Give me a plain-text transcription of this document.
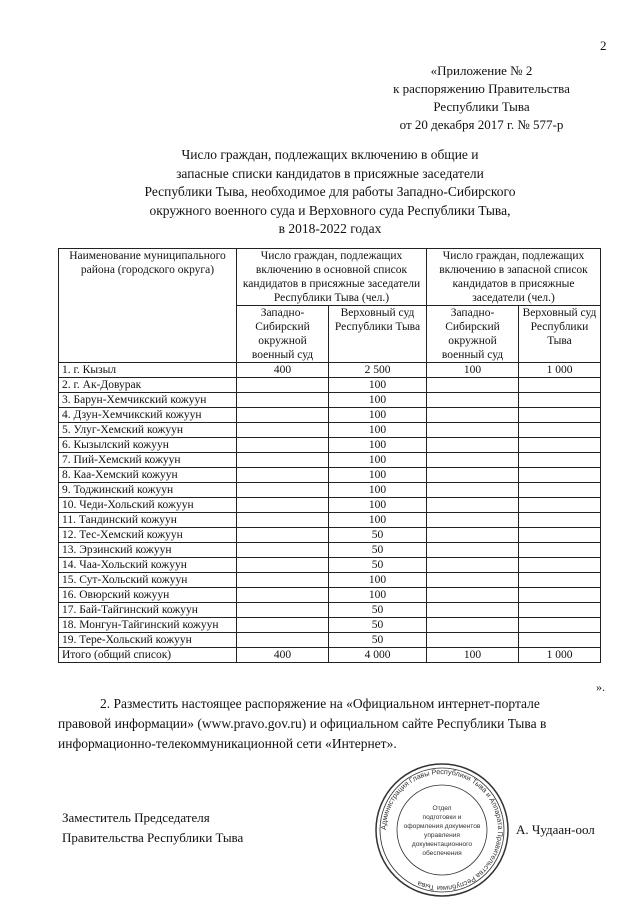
2
«Приложение № 2
к распоряжению Правительства
Республики Тыва
от 20 декабря 2017 г. № 577-р
Число граждан, подлежащих включению в общие и
запасные списки кандидатов в присяжные заседатели
Республики Тыва, необходимое для работы Западно-Сибирского
окружного военного суда и Верховного суда Республики Тыва,
в 2018-2022 годах
Наименование муниципального района (городского округа)	Число граждан, подлежащих включению в основной список кандидатов в присяжные заседатели Республики Тыва (чел.)		Число граждан, подлежащих включению в запасной список кандидатов в присяжные заседатели (чел.)	
	Западно-Сибирский окружной военный суд	Верховный суд Республики Тыва	Западно-Сибирский окружной военный суд	Верховный суд Республики Тыва
1. г. Кызыл	400	2 500	100	1 000
2. г. Ак-Довурак		100		
3. Барун-Хемчикский кожуун		100		
4. Дзун-Хемчикский кожуун		100		
5. Улуг-Хемский кожуун		100		
6. Кызылский кожуун		100		
7. Пий-Хемский кожуун		100		
8. Каа-Хемский кожуун		100		
9. Тоджинский кожуун		100		
10. Чеди-Хольский кожуун		100		
11. Тандинский кожуун		100		
12. Тес-Хемский кожуун		50		
13. Эрзинский кожуун		50		
14. Чаа-Хольский кожуун		50		
15. Сут-Хольский кожуун		100		
16. Овюрский кожуун		100		
17. Бай-Тайгинский кожуун		50		
18. Монгун-Тайгинский кожуун		50		
19. Тере-Хольский кожуун		50		
Итого (общий список)	400	4 000	100	1 000
».
2. Разместить настоящее распоряжение на «Официальном интернет-портале
правовой информации» (www.pravo.gov.ru) и официальном сайте Республики Тыва в
информационно-телекоммуникационной сети «Интернет».
Заместитель Председателя
Правительства Республики Тыва
Администрация Главы Республики Тыва и Аппарата Правительства Республики Тыва
Отдел
подготовки и
оформления документов
управления
документационного
обеспечения
А. Чудаан-оол
